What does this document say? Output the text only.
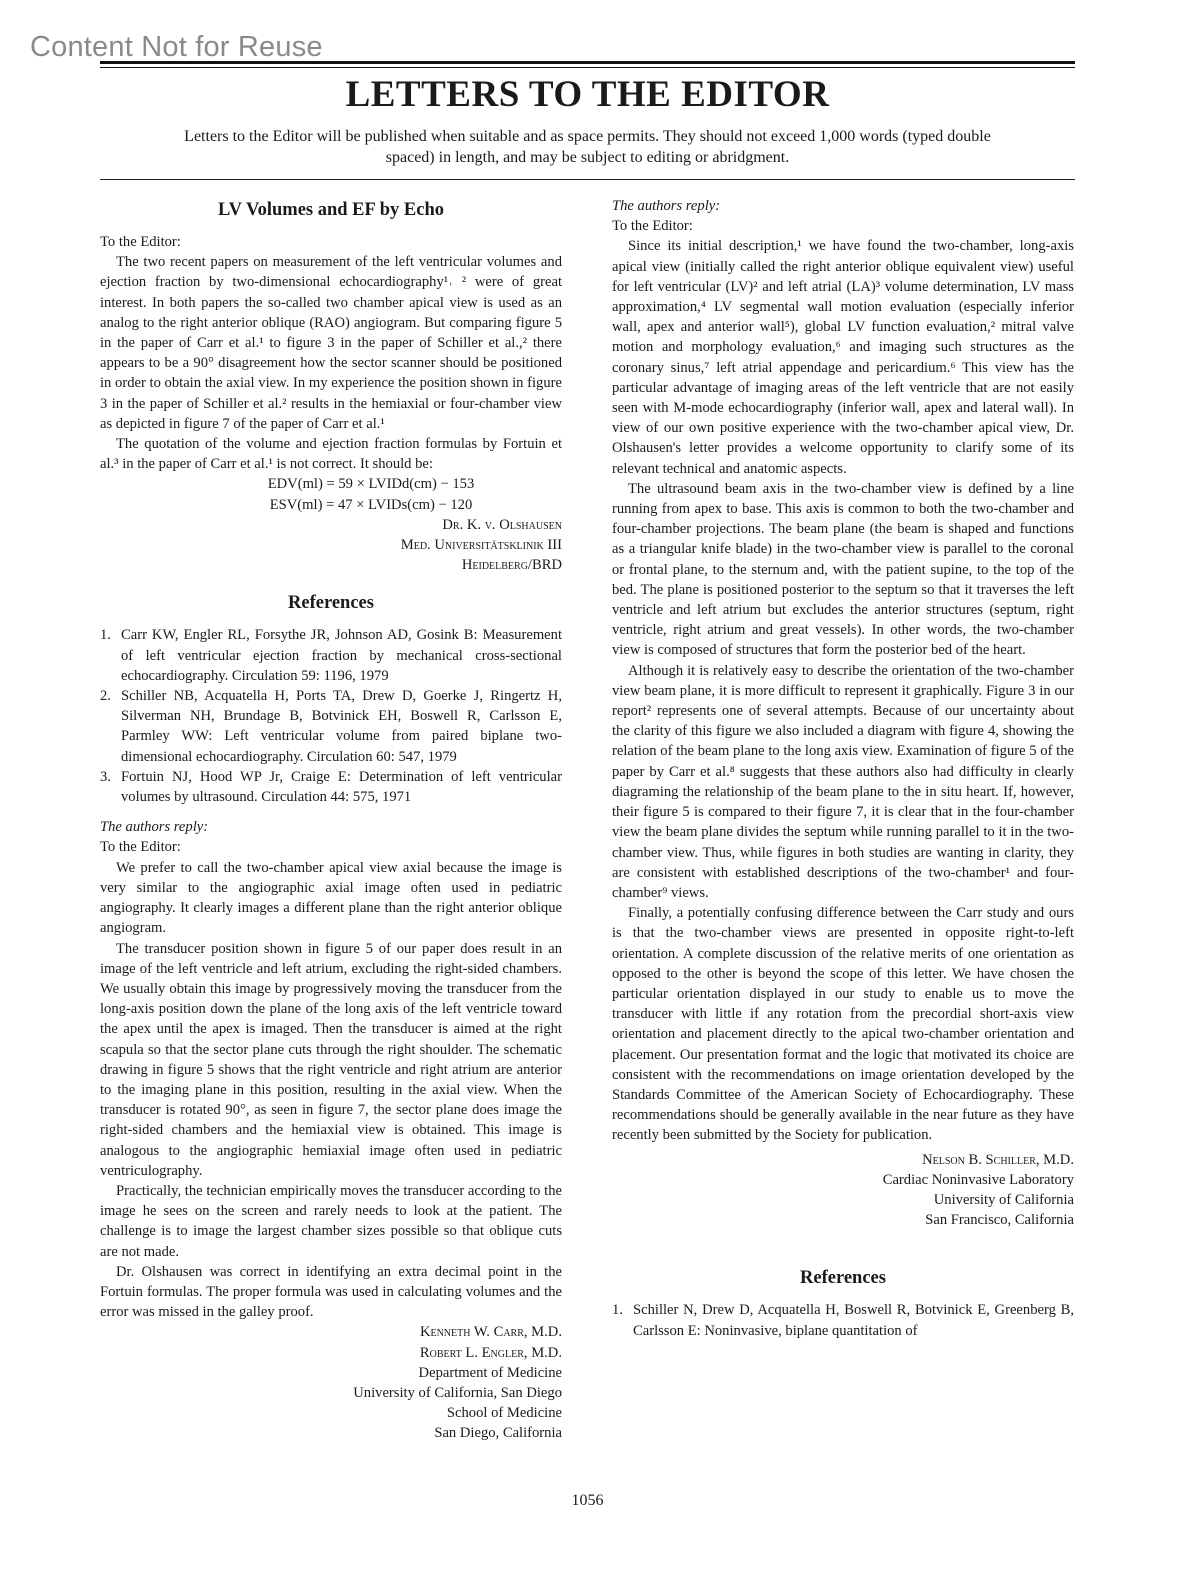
Content Not for Reuse
LETTERS TO THE EDITOR
Letters to the Editor will be published when suitable and as space permits. They should not exceed 1,000 words (typed double spaced) in length, and may be subject to editing or abridgment.
LV Volumes and EF by Echo

To the Editor:

The two recent papers on measurement of the left ventricular volumes and ejection fraction by two-dimensional echocardiography¹˒ ² were of great interest. In both papers the so-called two chamber apical view is used as an analog to the right anterior oblique (RAO) angiogram. But comparing figure 5 in the paper of Carr et al.¹ to figure 3 in the paper of Schiller et al.,² there appears to be a 90° disagreement how the sector scanner should be positioned in order to obtain the axial view. In my experience the position shown in figure 3 in the paper of Schiller et al.² results in the hemiaxial or four-chamber view as depicted in figure 7 of the paper of Carr et al.¹

The quotation of the volume and ejection fraction formulas by Fortuin et al.³ in the paper of Carr et al.¹ is not correct. It should be:

EDV(ml) = 59 × LVIDd(cm) − 153
ESV(ml) = 47 × LVIDs(cm) − 120
Dr. K. v. Olshausen
Med. Universitätsklinik III
Heidelberg/BRD
References
1. Carr KW, Engler RL, Forsythe JR, Johnson AD, Gosink B: Measurement of left ventricular ejection fraction by mechanical cross-sectional echocardiography. Circulation 59: 1196, 1979
2. Schiller NB, Acquatella H, Ports TA, Drew D, Goerke J, Ringertz H, Silverman NH, Brundage B, Botvinick EH, Boswell R, Carlsson E, Parmley WW: Left ventricular volume from paired biplane two-dimensional echocardiography. Circulation 60: 547, 1979
3. Fortuin NJ, Hood WP Jr, Craige E: Determination of left ventricular volumes by ultrasound. Circulation 44: 575, 1971
The authors reply:

To the Editor:

We prefer to call the two-chamber apical view axial because the image is very similar to the angiographic axial image often used in pediatric angiography. It clearly images a different plane than the right anterior oblique angiogram.

The transducer position shown in figure 5 of our paper does result in an image of the left ventricle and left atrium, excluding the right-sided chambers. We usually obtain this image by progressively moving the transducer from the long-axis position down the plane of the long axis of the left ventricle toward the apex until the apex is imaged. Then the transducer is aimed at the right scapula so that the sector plane cuts through the right shoulder. The schematic drawing in figure 5 shows that the right ventricle and right atrium are anterior to the imaging plane in this position, resulting in the axial view. When the transducer is rotated 90°, as seen in figure 7, the sector plane does image the right-sided chambers and the hemiaxial view is obtained. This image is analogous to the angiographic hemiaxial image often used in pediatric ventriculography.

Practically, the technician empirically moves the transducer according to the image he sees on the screen and rarely needs to look at the patient. The challenge is to image the largest chamber sizes possible so that oblique cuts are not made.

Dr. Olshausen was correct in identifying an extra decimal point in the Fortuin formulas. The proper formula was used in calculating volumes and the error was missed in the galley proof.

Kenneth W. Carr, M.D.
Robert L. Engler, M.D.
Department of Medicine
University of California, San Diego
School of Medicine
San Diego, California
The authors reply:

To the Editor:

Since its initial description,¹ we have found the two-chamber, long-axis apical view (initially called the right anterior oblique equivalent view) useful for left ventricular (LV)² and left atrial (LA)³ volume determination, LV mass approximation,⁴ LV segmental wall motion evaluation (especially inferior wall, apex and anterior wall⁵), global LV function evaluation,² mitral valve motion and morphology evaluation,⁶ and imaging such structures as the coronary sinus,⁷ left atrial appendage and pericardium.⁶ This view has the particular advantage of imaging areas of the left ventricle that are not easily seen with M-mode echocardiography (inferior wall, apex and lateral wall). In view of our own positive experience with the two-chamber apical view, Dr. Olshausen's letter provides a welcome opportunity to clarify some of its relevant technical and anatomic aspects.

The ultrasound beam axis in the two-chamber view is defined by a line running from apex to base. This axis is common to both the two-chamber and four-chamber projections. The beam plane (the beam is shaped and functions as a triangular knife blade) in the two-chamber view is parallel to the coronal or frontal plane, to the sternum and, with the patient supine, to the top of the bed. The plane is positioned posterior to the septum so that it traverses the left ventricle and left atrium but excludes the anterior structures (septum, right ventricle, right atrium and great vessels). In other words, the two-chamber view is composed of structures that form the posterior bed of the heart.

Although it is relatively easy to describe the orientation of the two-chamber view beam plane, it is more difficult to represent it graphically. Figure 3 in our report² represents one of several attempts. Because of our uncertainty about the clarity of this figure we also included a diagram with figure 4, showing the relation of the beam plane to the long axis view. Examination of figure 5 of the paper by Carr et al.⁸ suggests that these authors also had difficulty in clearly diagraming the relationship of the beam plane to the in situ heart. If, however, their figure 5 is compared to their figure 7, it is clear that in the four-chamber view the beam plane divides the septum while running parallel to it in the two-chamber view. Thus, while figures in both studies are wanting in clarity, they are consistent with established descriptions of the two-chamber¹ and four-chamber⁹ views.

Finally, a potentially confusing difference between the Carr study and ours is that the two-chamber views are presented in opposite right-to-left orientation. A complete discussion of the relative merits of one orientation as opposed to the other is beyond the scope of this letter. We have chosen the particular orientation displayed in our study to enable us to move the transducer with little if any rotation from the precordial short-axis view orientation and placement directly to the apical two-chamber orientation and placement. Our presentation format and the logic that motivated its choice are consistent with the recommendations on image orientation developed by the Standards Committee of the American Society of Echocardiography. These recommendations should be generally available in the near future as they have recently been submitted by the Society for publication.

Nelson B. Schiller, M.D.
Cardiac Noninvasive Laboratory
University of California
San Francisco, California
References
1. Schiller N, Drew D, Acquatella H, Boswell R, Botvinick E, Greenberg B, Carlsson E: Noninvasive, biplane quantitation of
1056
